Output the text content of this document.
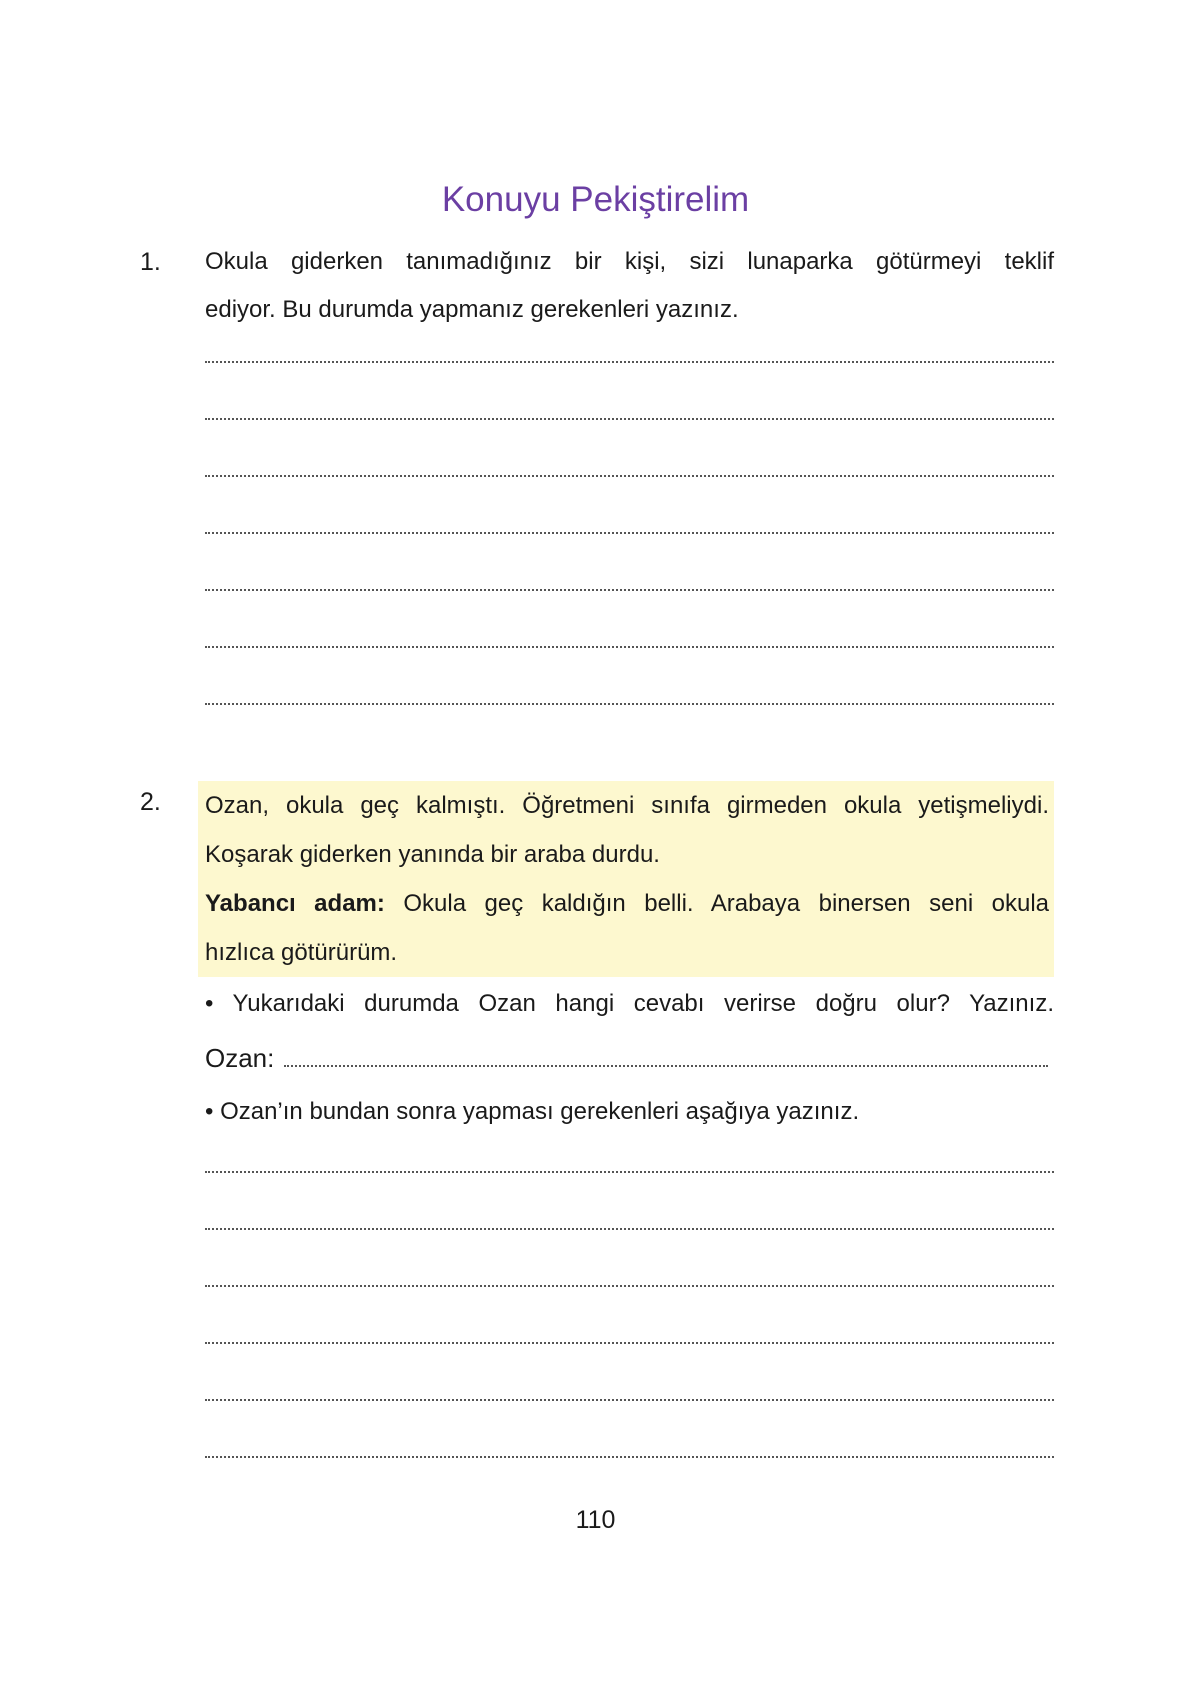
Konuyu Pekiştirelim
1. Okula giderken tanımadığınız bir kişi, sizi lunaparka götürmeyi teklif
ediyor. Bu durumda yapmanız gerekenleri yazınız.
2. Ozan, okula geç kalmıştı. Öğretmeni sınıfa girmeden okula yetişmeliydi.
Koşarak giderken yanında bir araba durdu.
Yabancı adam: Okula geç kaldığın belli. Arabaya binersen seni okula
hızlıca götürürüm.
• Yukarıdaki durumda Ozan hangi cevabı verirse doğru olur? Yazınız.
Ozan:
• Ozan’ın bundan sonra yapması gerekenleri aşağıya yazınız.
110
